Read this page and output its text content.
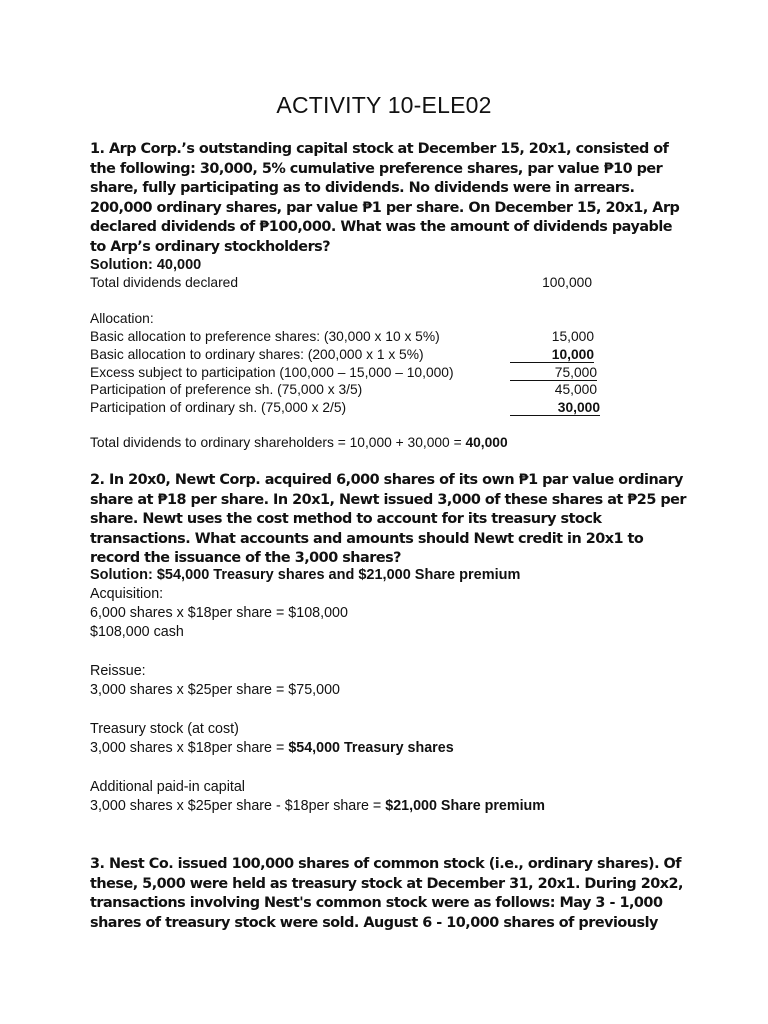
ACTIVITY 10-ELE02
1. Arp Corp.’s outstanding capital stock at December 15, 20x1, consisted of the following: 30,000, 5% cumulative preference shares, par value ₱10 per share, fully participating as to dividends. No dividends were in arrears. 200,000 ordinary shares, par value ₱1 per share. On December 15, 20x1, Arp declared dividends of ₱100,000. What was the amount of dividends payable to Arp’s ordinary stockholders?
Solution: 40,000
Total dividends declared	100,000
Allocation:
Basic allocation to preference shares: (30,000 x 10 x 5%)	15,000
Basic allocation to ordinary shares: (200,000 x 1 x 5%)	10,000
Excess subject to participation (100,000 – 15,000 – 10,000)	75,000
Participation of preference sh. (75,000 x 3/5)	45,000
Participation of ordinary sh. (75,000 x 2/5)	30,000
Total dividends to ordinary shareholders = 10,000 + 30,000 = 40,000
2. In 20x0, Newt Corp. acquired 6,000 shares of its own ₱1 par value ordinary share at ₱18 per share. In 20x1, Newt issued 3,000 of these shares at ₱25 per share. Newt uses the cost method to account for its treasury stock transactions. What accounts and amounts should Newt credit in 20x1 to record the issuance of the 3,000 shares?
Solution: $54,000 Treasury shares and $21,000 Share premium
Acquisition:
6,000 shares x $18per share = $108,000
$108,000 cash
Reissue:
3,000 shares x $25per share = $75,000
Treasury stock (at cost)
3,000 shares x $18per share = $54,000 Treasury shares
Additional paid-in capital
3,000 shares x $25per share - $18per share = $21,000 Share premium
3. Nest Co. issued 100,000 shares of common stock (i.e., ordinary shares). Of these, 5,000 were held as treasury stock at December 31, 20x1. During 20x2, transactions involving Nest's common stock were as follows: May 3 - 1,000 shares of treasury stock were sold. August 6 - 10,000 shares of previously
